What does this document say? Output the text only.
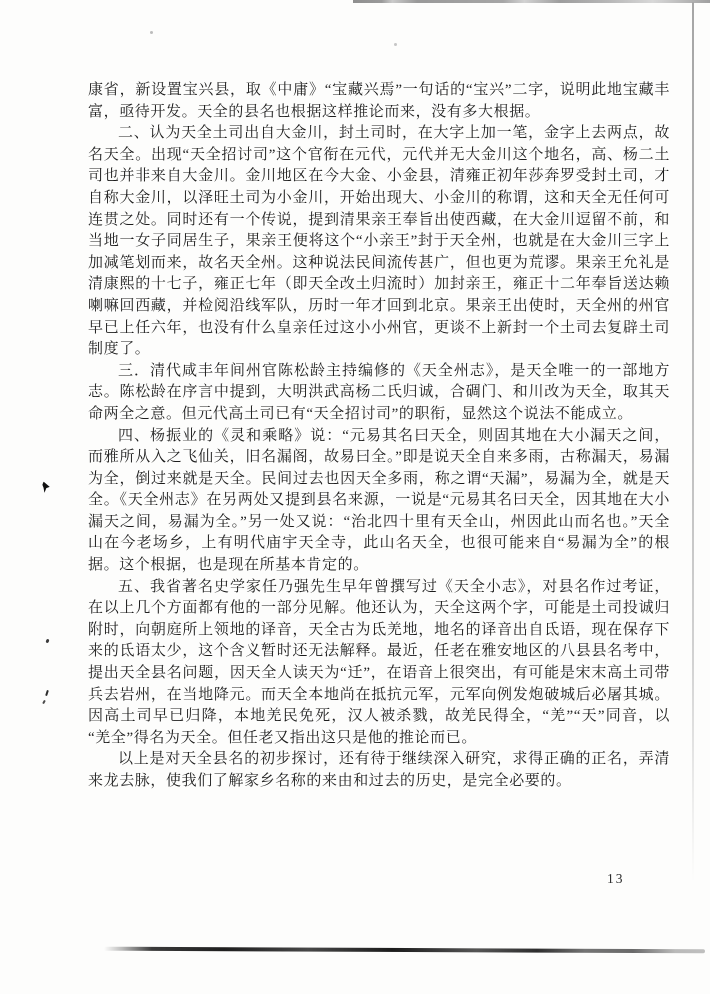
康省，新设置宝兴县，取《中庸》“宝藏兴焉”一句话的“宝兴”二字，说明此地宝藏丰富，亟待开发。天全的县名也根据这样推论而来，没有多大根据。

二、认为天全土司出自大金川，封土司时，在大字上加一笔，金字上去两点，故名天全。出现“天全招讨司”这个官衔在元代，元代并无大金川这个地名，高、杨二土司也并非来自大金川。金川地区在今大金、小金县，清雍正初年莎奔罗受封土司，才自称大金川，以泽旺土司为小金川，开始出现大、小金川的称谓，这和天全无任何可连贯之处。同时还有一个传说，提到清果亲王奉旨出使西藏，在大金川逗留不前，和当地一女子同居生子，果亲王便将这个“小亲王”封于天全州，也就是在大金川三字上加减笔划而来，故名天全州。这种说法民间流传甚广，但也更为荒谬。果亲王允礼是清康熙的十七子，雍正七年（即天全改土归流时）加封亲王，雍正十二年奉旨送达赖喇嘛回西藏，并检阅沿线军队，历时一年才回到北京。果亲王出使时，天全州的州官早已上任六年，也没有什么皇亲任过这小小州官，更谈不上新封一个土司去复辟土司制度了。

三．清代咸丰年间州官陈松龄主持编修的《天全州志》，是天全唯一的一部地方志。陈松龄在序言中提到，大明洪武高杨二氏归诚，合碉门、和川改为天全，取其天命两全之意。但元代高土司已有“天全招讨司”的职衔，显然这个说法不能成立。

四、杨振业的《灵和乘略》说：“元易其名曰天全，则固其地在大小漏天之间，而雅所从入之飞仙关，旧名漏阁，故易曰全。”即是说天全自来多雨，古称漏天，易漏为全，倒过来就是天全。民间过去也因天全多雨，称之谓“天漏”，易漏为全，就是天全。《天全州志》在另两处又提到县名来源，一说是“元易其名曰天全，因其地在大小漏天之间，易漏为全。”另一处又说：“治北四十里有天全山，州因此山而名也。”天全山在今老场乡，上有明代庙宇天全寺，此山名天全，也很可能来自“易漏为全”的根据。这个根据，也是现在所基本肯定的。

五、我省著名史学家任乃强先生早年曾撰写过《天全小志》，对县名作过考证，在以上几个方面都有他的一部分见解。他还认为，天全这两个字，可能是土司投诚归附时，向朝庭所上领地的译音，天全古为氐羌地，地名的译音出自氐语，现在保存下来的氐语太少，这个含义暂时还无法解释。最近，任老在雅安地区的八县县名考中，提出天全县名问题，因天全人读天为“迁”，在语音上很突出，有可能是宋末高土司带兵去岩州，在当地降元。而天全本地尚在抵抗元军，元军向例发炮破城后必屠其城。因高土司早已归降，本地羌民免死，汉人被杀戮，故羌民得全，“羌”“天”同音，以“羌全”得名为天全。但任老又指出这只是他的推论而已。

以上是对天全县名的初步探讨，还有待于继续深入研究，求得正确的正名，弄清来龙去脉，使我们了解家乡名称的来由和过去的历史，是完全必要的。

13
